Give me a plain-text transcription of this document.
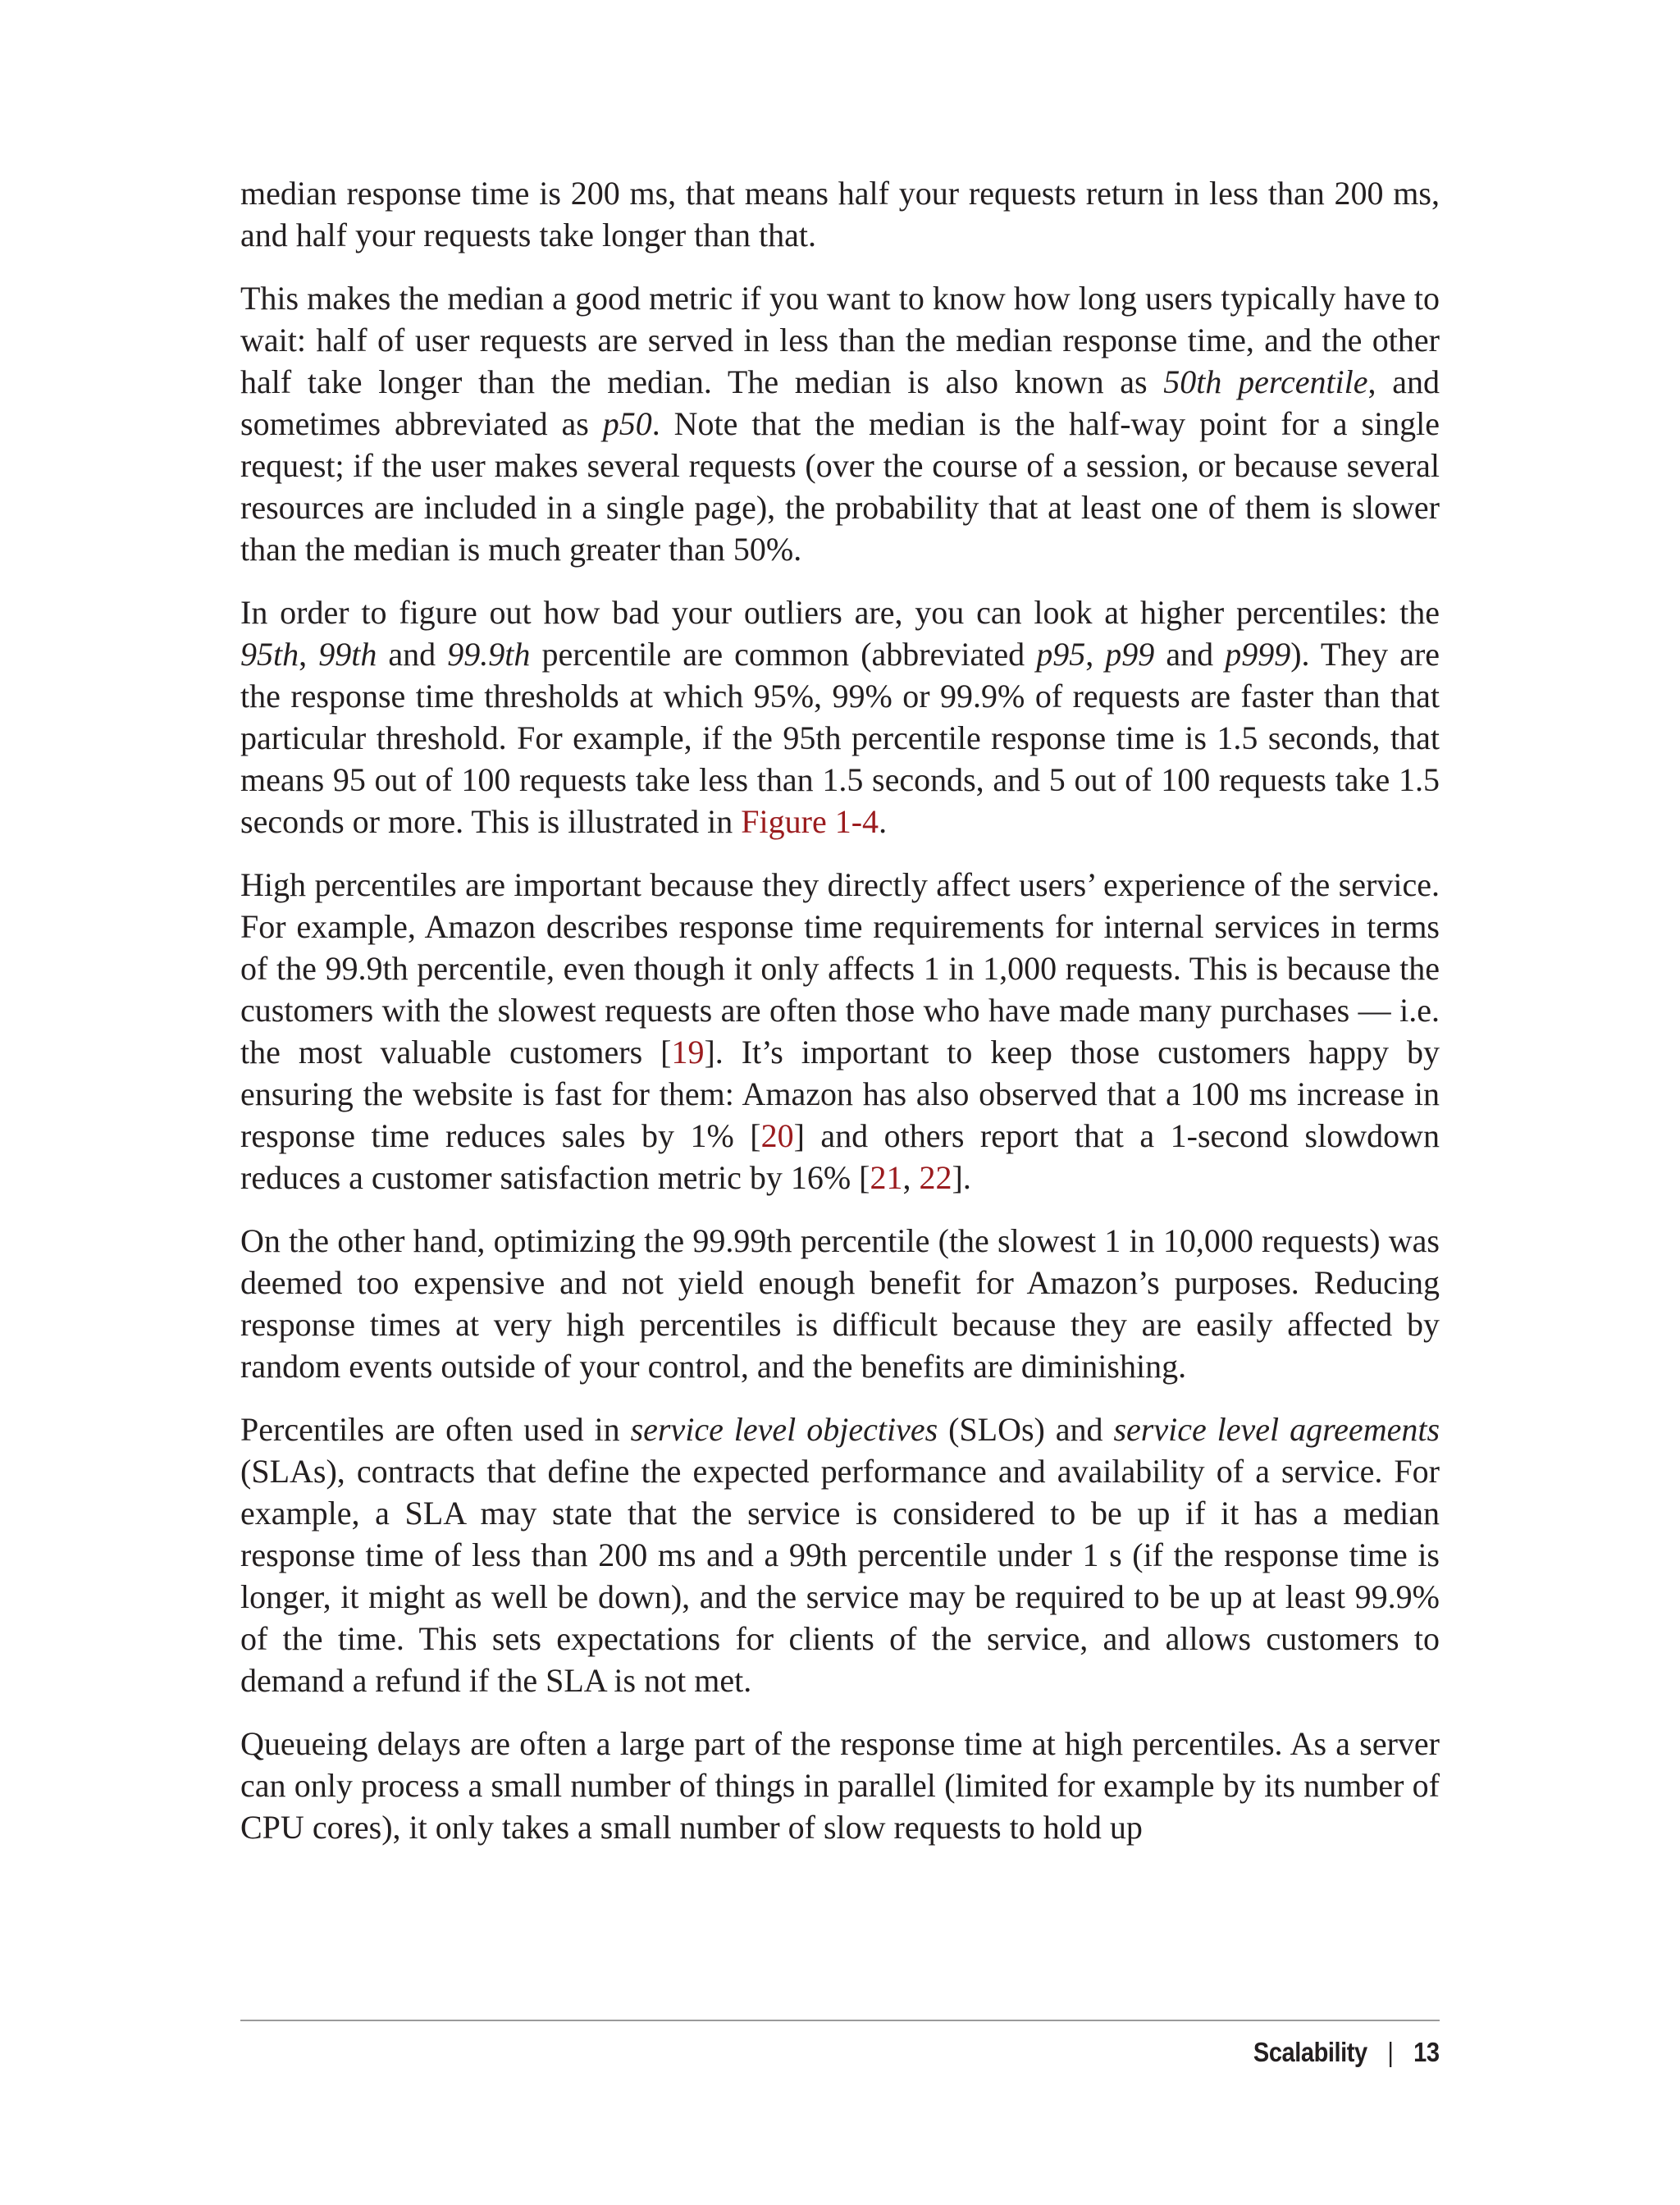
median response time is 200 ms, that means half your requests return in less than 200 ms, and half your requests take longer than that.

This makes the median a good metric if you want to know how long users typically have to wait: half of user requests are served in less than the median response time, and the other half take longer than the median. The median is also known as 50th percentile, and sometimes abbreviated as p50. Note that the median is the half-way point for a single request; if the user makes several requests (over the course of a session, or because several resources are included in a single page), the probability that at least one of them is slower than the median is much greater than 50%.

In order to figure out how bad your outliers are, you can look at higher percentiles: the 95th, 99th and 99.9th percentile are common (abbreviated p95, p99 and p999). They are the response time thresholds at which 95%, 99% or 99.9% of requests are faster than that particular threshold. For example, if the 95th percentile response time is 1.5 seconds, that means 95 out of 100 requests take less than 1.5 seconds, and 5 out of 100 requests take 1.5 seconds or more. This is illustrated in Figure 1-4.

High percentiles are important because they directly affect users’ experience of the service. For example, Amazon describes response time requirements for internal services in terms of the 99.9th percentile, even though it only affects 1 in 1,000 requests. This is because the customers with the slowest requests are often those who have made many purchases — i.e. the most valuable customers [19]. It’s important to keep those customers happy by ensuring the website is fast for them: Amazon has also observed that a 100 ms increase in response time reduces sales by 1% [20] and others report that a 1-second slowdown reduces a customer satisfaction metric by 16% [21, 22].

On the other hand, optimizing the 99.99th percentile (the slowest 1 in 10,000 requests) was deemed too expensive and not yield enough benefit for Amazon’s purposes. Reducing response times at very high percentiles is difficult because they are easily affected by random events outside of your control, and the benefits are diminishing.

Percentiles are often used in service level objectives (SLOs) and service level agreements (SLAs), contracts that define the expected performance and availability of a service. For example, a SLA may state that the service is considered to be up if it has a median response time of less than 200 ms and a 99th percentile under 1 s (if the response time is longer, it might as well be down), and the service may be required to be up at least 99.9% of the time. This sets expectations for clients of the service, and allows customers to demand a refund if the SLA is not met.

Queueing delays are often a large part of the response time at high percentiles. As a server can only process a small number of things in parallel (limited for example by its number of CPU cores), it only takes a small number of slow requests to hold up

Scalability | 13
